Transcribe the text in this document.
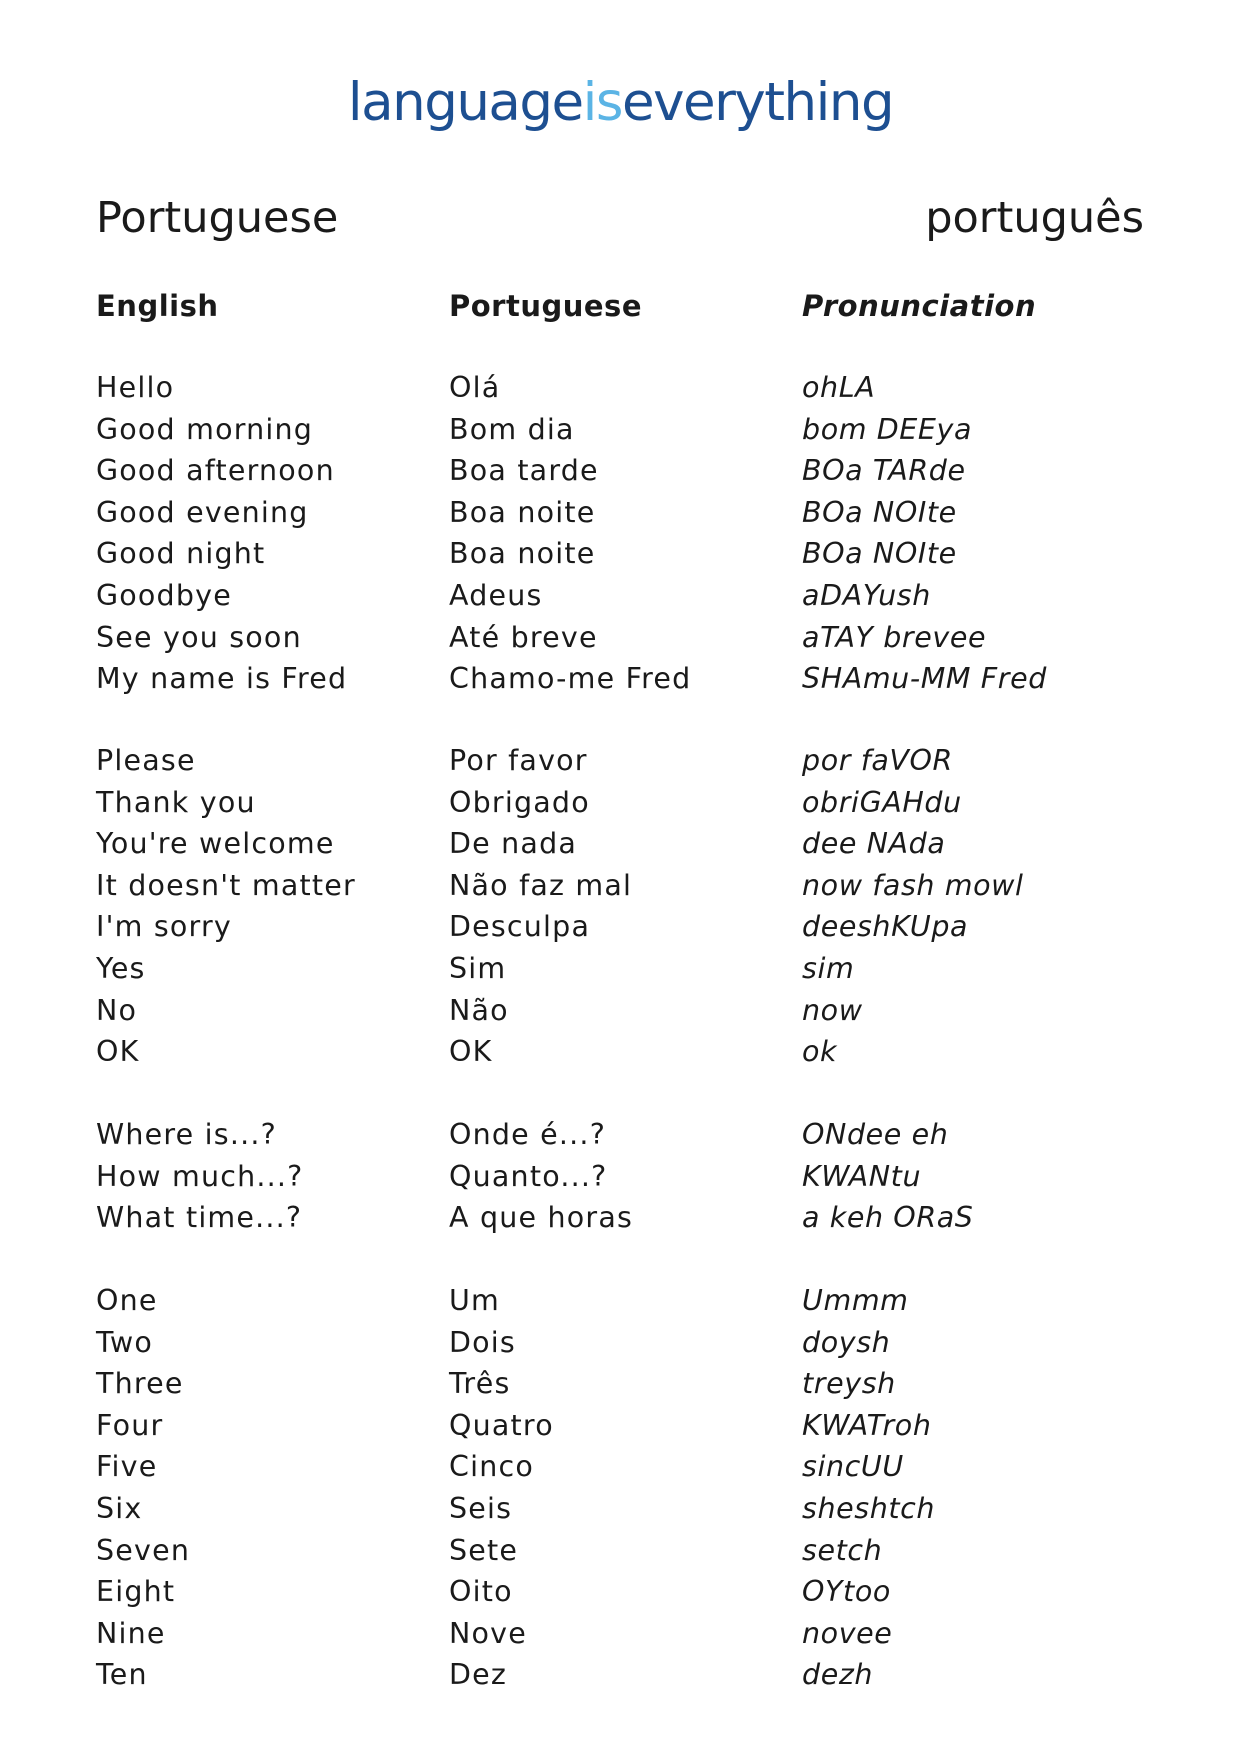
languageiseverything
Portuguese	português
English	Portuguese	Pronunciation
Hello	Olá	ohLA
Good morning	Bom dia	bom DEEya
Good afternoon	Boa tarde	BOa TARde
Good evening	Boa noite	BOa NOIte
Good night	Boa noite	BOa NOIte
Goodbye	Adeus	aDAYush
See you soon	Até breve	aTAY brevee
My name is Fred	Chamo-me Fred	SHAmu-MM Fred
Please	Por favor	por faVOR
Thank you	Obrigado	obriGAHdu
You're welcome	De nada	dee NAda
It doesn't matter	Não faz mal	now fash mowl
I'm sorry	Desculpa	deeshKUpa
Yes	Sim	sim
No	Não	now
OK	OK	ok
Where is...?	Onde é...?	ONdee eh
How much...?	Quanto...?	KWANtu
What time...?	A que horas	a keh ORaS
One	Um	Ummm
Two	Dois	doysh
Three	Três	treysh
Four	Quatro	KWATroh
Five	Cinco	sincUU
Six	Seis	sheshtch
Seven	Sete	setch
Eight	Oito	OYtoo
Nine	Nove	novee
Ten	Dez	dezh
